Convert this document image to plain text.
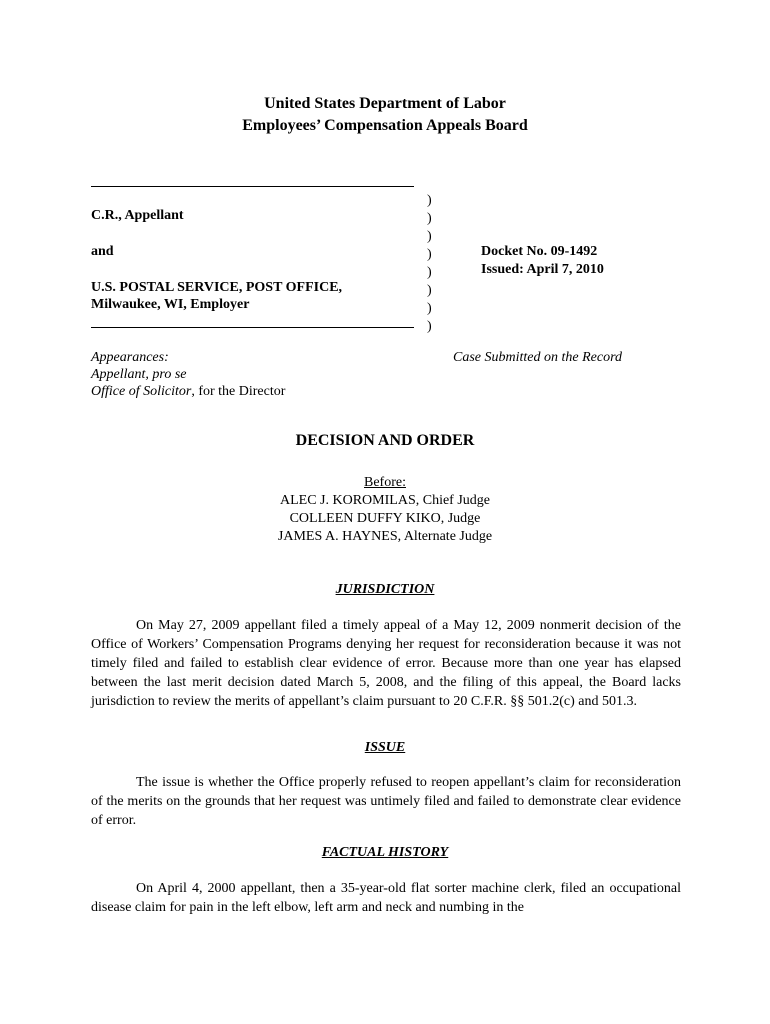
United States Department of Labor
Employees’ Compensation Appeals Board
)
)
)
)
)
)
)
)
C.R., Appellant
and
U.S. POSTAL SERVICE, POST OFFICE,
Milwaukee, WI, Employer
Docket No. 09-1492
Issued: April 7, 2010
Appearances:
Appellant, pro se
Office of Solicitor, for the Director
Case Submitted on the Record
DECISION AND ORDER
Before:
ALEC J. KOROMILAS, Chief Judge
COLLEEN DUFFY KIKO, Judge
JAMES A. HAYNES, Alternate Judge
JURISDICTION

On May 27, 2009 appellant filed a timely appeal of a May 12, 2009 nonmerit decision of the Office of Workers’ Compensation Programs denying her request for reconsideration because it was not timely filed and failed to establish clear evidence of error. Because more than one year has elapsed between the last merit decision dated March 5, 2008, and the filing of this appeal, the Board lacks jurisdiction to review the merits of appellant’s claim pursuant to 20 C.F.R. §§ 501.2(c) and 501.3.

ISSUE

The issue is whether the Office properly refused to reopen appellant’s claim for reconsideration of the merits on the grounds that her request was untimely filed and failed to demonstrate clear evidence of error.

FACTUAL HISTORY

On April 4, 2000 appellant, then a 35-year-old flat sorter machine clerk, filed an occupational disease claim for pain in the left elbow, left arm and neck and numbing in the
